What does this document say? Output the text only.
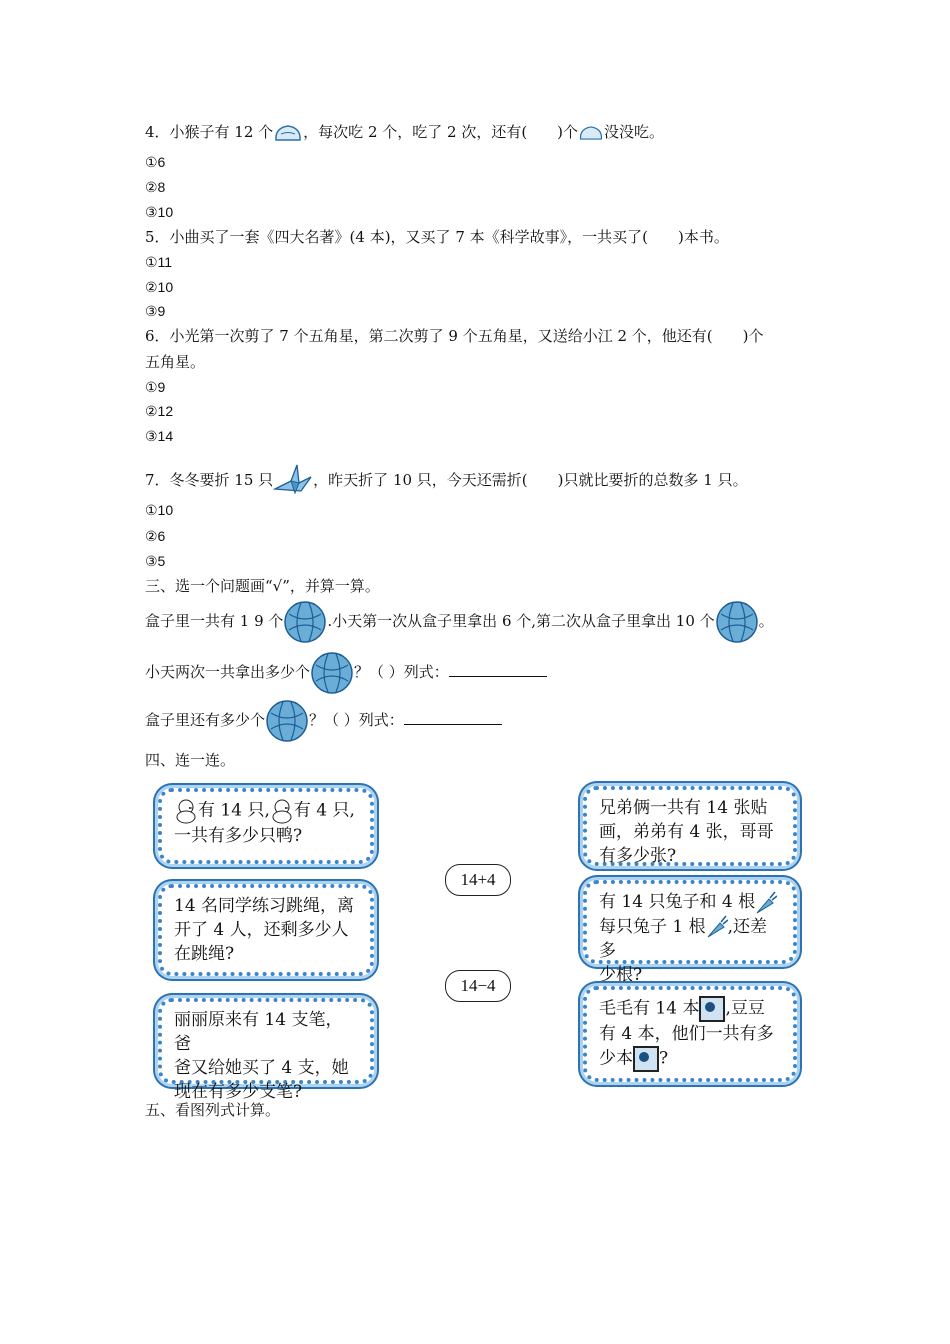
4．小猴子有 12 个 ，每次吃 2 个，吃了 2 次，还有(　　)个 没没吃。
①6
②8
③10
5．小曲买了一套《四大名著》(4 本)，又买了 7 本《科学故事》，一共买了(　　)本书。
①11
②10
③9
6．小光第一次剪了 7 个五角星，第二次剪了 9 个五角星，又送给小江 2 个，他还有(　　)个
五角星。
①9
②12
③14
7．冬冬要折 15 只	，昨天折了 10 只，今天还需折(　　)只就比要折的总数多 1 只。
①10
②6
③5
三、选一个问题画“√”，并算一算。
盒子里一共有 1 9 个	.小天第一次从盒子里拿出 6 个,第二次从盒子里拿出 10 个	。
小天两次一共拿出多少个	？（ ）列式：
盒子里还有多少个	？（ ）列式：
四、连一连。
有 14 只, 有 4 只,
一共有多少只鸭?
14 名同学练习跳绳，离
开了 4 人，还剩多少人
在跳绳?
丽丽原来有 14 支笔，爸
爸又给她买了 4 支，她
现在有多少支笔?
14+4
14−4
兄弟俩一共有 14 张贴
画，弟弟有 4 张，哥哥
有多少张?
有 14 只兔子和 4 根
每只兔子 1 根 ,还差多
少根?
毛毛有 14 本 ,豆豆
有 4 本，他们一共有多
少本 ?
五、看图列式计算。
